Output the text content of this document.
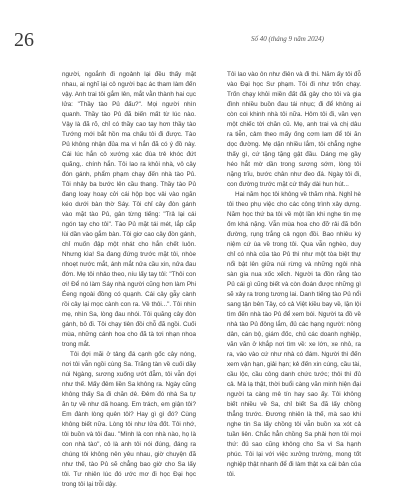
26	Số 40 (tháng 9 năm 2024)

người, ngoắnh đi ngoảnh lại đều thấy mặt nhau, ai nghĩ lại cô người bạc ác tham làm đến vậy. Anh trai tôi gắm lên, mắt vằn thành hai cục lửa: "Thầy tào Pủ đấu?". Mọi người nhìn quanh. Thầy tào Pủ đã biến mất từ lúc nào. Vậy là đã rõ, chỉ có thầy cao tay hơn thầy tào Tướng mới bắt hồn ma chấu tôi đi được. Tào Pủ không nhận đủa ma vì hắn đã có ý đồ này. Cái lúc hắn cô xướng xác đùa trẻ khóc đứt quãng,. chính hắn. Tôi lao ra khỏi nhà, vô cây đón gánh, phẩm phạm chạy đến nhà tào Pủ. Tôi nhảy ba bước lên cầu thang. Thầy tào Pủ đang loay hoay cởi cái hộp bọc vải vào ngăn kéo dưới bàn thờ Sáy. Tôi chỉ cây đòn gánh vào mặt tào Pủ, gân từng tiếng: "Trả lại cái ngón tay cho tôi". Tào Pủ mặt tái mét, lắp cắp lùi dần vào gắm bàn. Tôi giơ cao cây đòn gánh, chỉ muốn đập một nhát cho hắn chết luôn. Nhưng kìa! Sa đang đứng trước mặt tôi, nhòe nhoẹt nước mắt, ánh mắt nửa cầu xin, nửa đau đớn. Mẹ tôi nhảo theo, níu lấy tay tôi: "Thôi con ơi! Để nó làm Sáy nhà người cũng hơn làm Phi Éeng ngoài đồng có quạnh. Cái cây gẫy cành rồi cây lại mọc cành con ra. Về thôi...". Tôi nhìn mẹ, nhìn Sa, lòng đau nhói. Tôi quăng cây đòn gánh, bỏ đi. Tôi chạy tiên đồi chỗ đã ngồi. Cuối mùa, những cánh hoa cho đã tà tơi nhạn nhoa trong mắt.

Tôi đợi mãi ở tảng đá cạnh gốc cây nóng, nơi tôi vẫn ngồi cùng Sa. Trăng tàn về cuối dầy núi Ngàng, sương xuống ướt đẫm, tôi vẫn đợi như thế. Mấy đêm liền Sa không ra. Ngày cũng không thấy Sa đi chăn dê. Đêm đó nhà Sa tự ăn tự về như dã hoang. Em trách, em giận tôi? Em đành lòng quên tôi? Hay gì gì đó? Cùng không biết nữa. Lòng tôi như lửa đốt. Tôi nhớ, tôi buồn và tôi đau. "Mình là con nhà nào, họ là con nhà tào", cô là anh tôi nói đúng, đáng ra chúng tôi không nên yêu nhau, giờ chuyện đã như thế, tào Pủ sẽ chẳng bao giờ cho Sa lấy tôi. Tư nhiên lúc đó ước mơ đi học Đại học trong tôi lại trỗi dậy.

Tôi lao vào ôn như điên và đi thi. Năm ấy tôi đỗ vào Đại học Sư phạm. Tôi đi như trốn chạy. Trốn chạy khỏi miền đất đã gây cho tôi và gia đình nhiều buồn đau tái nhục; đi để không ai còn coi khinh nhà tôi nữa. Hôm tôi đi, văn vẹn một chiếc tời chăn cũ. Mẹ, anh trai và chị dâu ra tiễn, cảm theo mấy ống cơm lam để tôi ăn dọc đường. Mẹ dặn nhiều lắm, tôi chẳng nghe thấy gì, cứ tặng tặng gật đầu. Dáng mẹ gầy héo hắt mờ dần trong sương sớm, lòng tôi nặng trĩu, bước chân như đeo đá. Ngày tôi đi, con đường trước mặt cứ thấy dài hun hút...

Hai năm học tôi không về thăm nhà. Nghỉ hè tôi theo phụ việc cho các công trình xây dựng. Năm học thứ ba tôi về một lần khi nghe tin mẹ ốm khá nặng. Vẫn mùa hoa cho đỡ rải đã bốn đường, rụng trắng cả ngọn đồi. Bao nhiêu ký niệm cứ ùa về trong tôi. Qua vẫn nghèo, duy chỉ có nhà của tào Pủ thì như một tòa biệt thự nổi bật lên giữa núi rừng và những ngôi nhà sàn gia nua xốc xếch. Người ta đồn rằng tào Pủ cái gì cũng biết và còn đoán được những gì sẽ xảy ra trong tương lai. Danh tiếng tào Pủ nổi sang tận bên Tây, có cả Việt kiều bay về, lặn lội tìm đến nhà tào Pủ để xem bói. Người ta đồ về nhà tào Pủ đông lắm, đủ các hạng người: nông dân, cán bộ, giám đốc, chủ các doanh nghiệp, văn văn ở khắp nơi tìm về: xe lớn, xe nhỏ, ra ra, vào vào cứ như nhà có đám. Người thì đến xem vận hạn, giải hạn; kẻ đến xin cúng, cầu tài, cầu lộc, cầu công danh chức tước; thôi thì đủ cả. Mà lạ thật, thời buổi càng văn minh hiện đại người ta càng mê tín hay sao ấy. Tôi không biết nhiều về Sa, chỉ biết Sa đã lấy chồng thẳng trước. Đương nhiên là thế, mà sao khi nghe tin Sa lấy chồng tôi vẫn buồn xa xót cả tuần liên. Chắc hẳn chồng Sa phải hơn tôi mọi thứ: đủ sao cũng không cho Sa vì Sa hạnh phúc. Tôi lại với việc xưởng trường, mong tốt nghiệp thật nhanh để đi làm thật xa cái bản của tôi.
